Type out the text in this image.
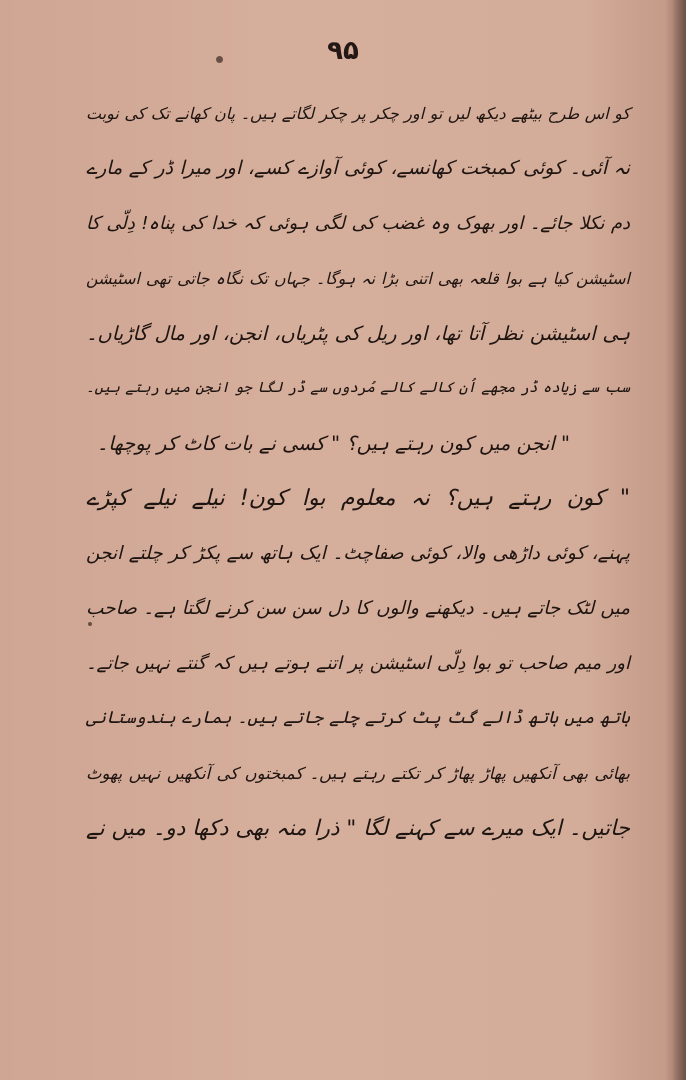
۹۵
کو اس طرح بیٹھے دیکھ لیں تو اور چکر پر چکر لگاتے ہیں۔ پان کھانے تک کی نوبت
نہ آئی۔ کوئی کمبخت کھانسے، کوئی آوازے کسے، اور میرا ڈر کے مارے
دم نکلا جائے۔ اور بھوک وہ غضب کی لگی ہوئی کہ خدا کی پناہ! دِلّی کا
اسٹیشن کیا ہے بوا قلعہ بھی اتنی بڑا نہ ہوگا۔ جہاں تک نگاہ جاتی تھی اسٹیشن
ہی اسٹیشن نظر آتا تھا، اور ریل کی پٹریاں، انجن، اور مال گاڑیاں۔
سب سے زیادہ ڈر مجھے اُن کالے کالے مُردوں سے ڈر لگا جو انجن میں رہتے ہیں۔
" انجن میں کون رہتے ہیں؟ " کسی نے بات کاٹ کر پوچھا۔
" کون رہتے ہیں؟ نہ معلوم بوا کون! نیلے نیلے کپڑے
پہنے، کوئی داڑھی والا، کوئی صفاچٹ۔ ایک ہاتھ سے پکڑ کر چلتے انجن
میں لٹک جاتے ہیں۔ دیکھنے والوں کا دل سن سن کرنے لگتا ہے۔ صاحب
اور میم صاحب تو بوا دِلّی اسٹیشن پر اتنے ہوتے ہیں کہ گنتے نہیں جاتے۔
ہاتھ میں ہاتھ ڈالے گٹ پٹ کرتے چلے جاتے ہیں۔ ہمارے ہندوستانی
بھائی بھی آنکھیں پھاڑ پھاڑ کر تکتے رہتے ہیں۔ کمبختوں کی آنکھیں نہیں پھوٹ
جاتیں۔ ایک میرے سے کہنے لگا " ذرا منہ بھی دکھا دو۔ میں نے
